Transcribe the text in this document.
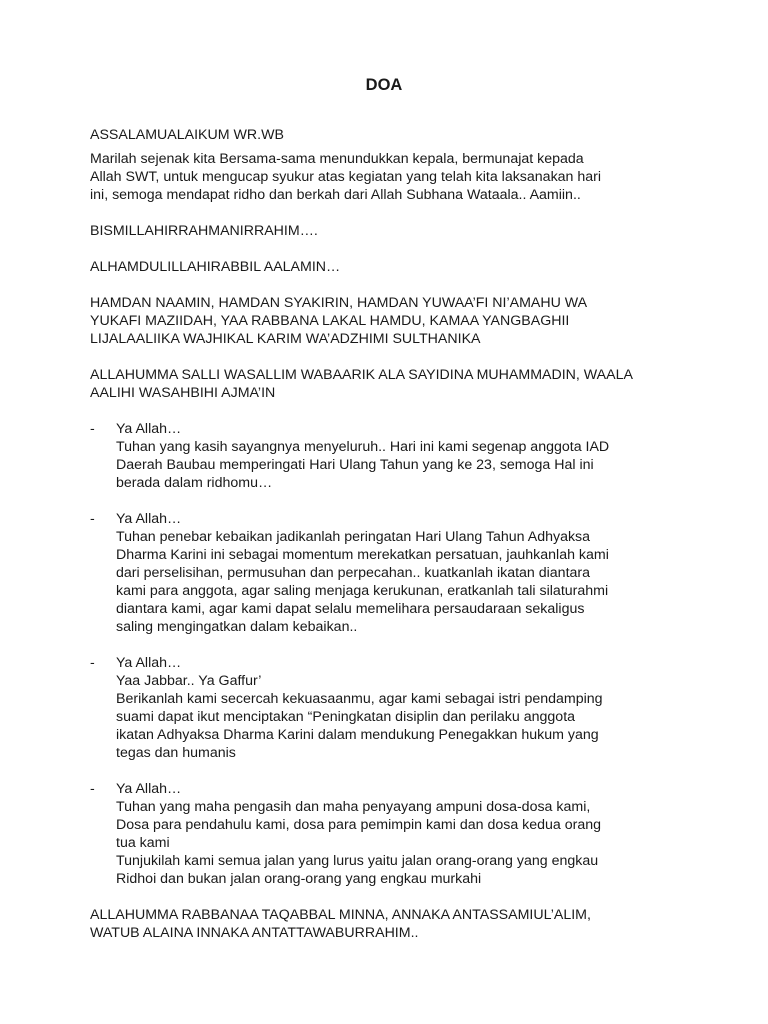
DOA
ASSALAMUALAIKUM WR.WB
Marilah sejenak kita Bersama-sama menundukkan kepala, bermunajat kepada
Allah SWT, untuk mengucap syukur atas kegiatan yang telah kita laksanakan hari
ini, semoga mendapat ridho dan berkah dari Allah Subhana Wataala.. Aamiin..
BISMILLAHIRRAHMANIRRAHIM….
ALHAMDULILLAHIRABBIL AALAMIN…
HAMDAN NAAMIN, HAMDAN SYAKIRIN, HAMDAN YUWAA’FI NI’AMAHU WA
YUKAFI MAZIIDAH, YAA RABBANA LAKAL HAMDU, KAMAA YANGBAGHII
LIJALAALIIKA WAJHIKAL KARIM WA’ADZHIMI SULTHANIKA
ALLAHUMMA SALLI WASALLIM WABAARIK ALA SAYIDINA MUHAMMADIN, WAALA
AALIHI WASAHBIHI AJMA’IN
- Ya Allah…
Tuhan yang kasih sayangnya menyeluruh.. Hari ini kami segenap anggota IAD
Daerah Baubau memperingati Hari Ulang Tahun yang ke 23, semoga Hal ini
berada dalam ridhomu…
- Ya Allah…
Tuhan penebar kebaikan jadikanlah peringatan Hari Ulang Tahun Adhyaksa
Dharma Karini ini sebagai momentum merekatkan persatuan, jauhkanlah kami
dari perselisihan, permusuhan dan perpecahan.. kuatkanlah ikatan diantara
kami para anggota, agar saling menjaga kerukunan, eratkanlah tali silaturahmi
diantara kami, agar kami dapat selalu memelihara persaudaraan sekaligus
saling mengingatkan dalam kebaikan..
- Ya Allah…
Yaa Jabbar.. Ya Gaffur’
Berikanlah kami secercah kekuasaanmu, agar kami sebagai istri pendamping
suami dapat ikut menciptakan “Peningkatan disiplin dan perilaku anggota
ikatan Adhyaksa Dharma Karini dalam mendukung Penegakkan hukum yang
tegas dan humanis
- Ya Allah…
Tuhan yang maha pengasih dan maha penyayang ampuni dosa-dosa kami,
Dosa para pendahulu kami, dosa para pemimpin kami dan dosa kedua orang
tua kami
Tunjukilah kami semua jalan yang lurus yaitu jalan orang-orang yang engkau
Ridhoi dan bukan jalan orang-orang yang engkau murkahi
ALLAHUMMA RABBANAA TAQABBAL MINNA, ANNAKA ANTASSAMIUL’ALIM,
WATUB ALAINA INNAKA ANTATTAWABURRAHIM..
